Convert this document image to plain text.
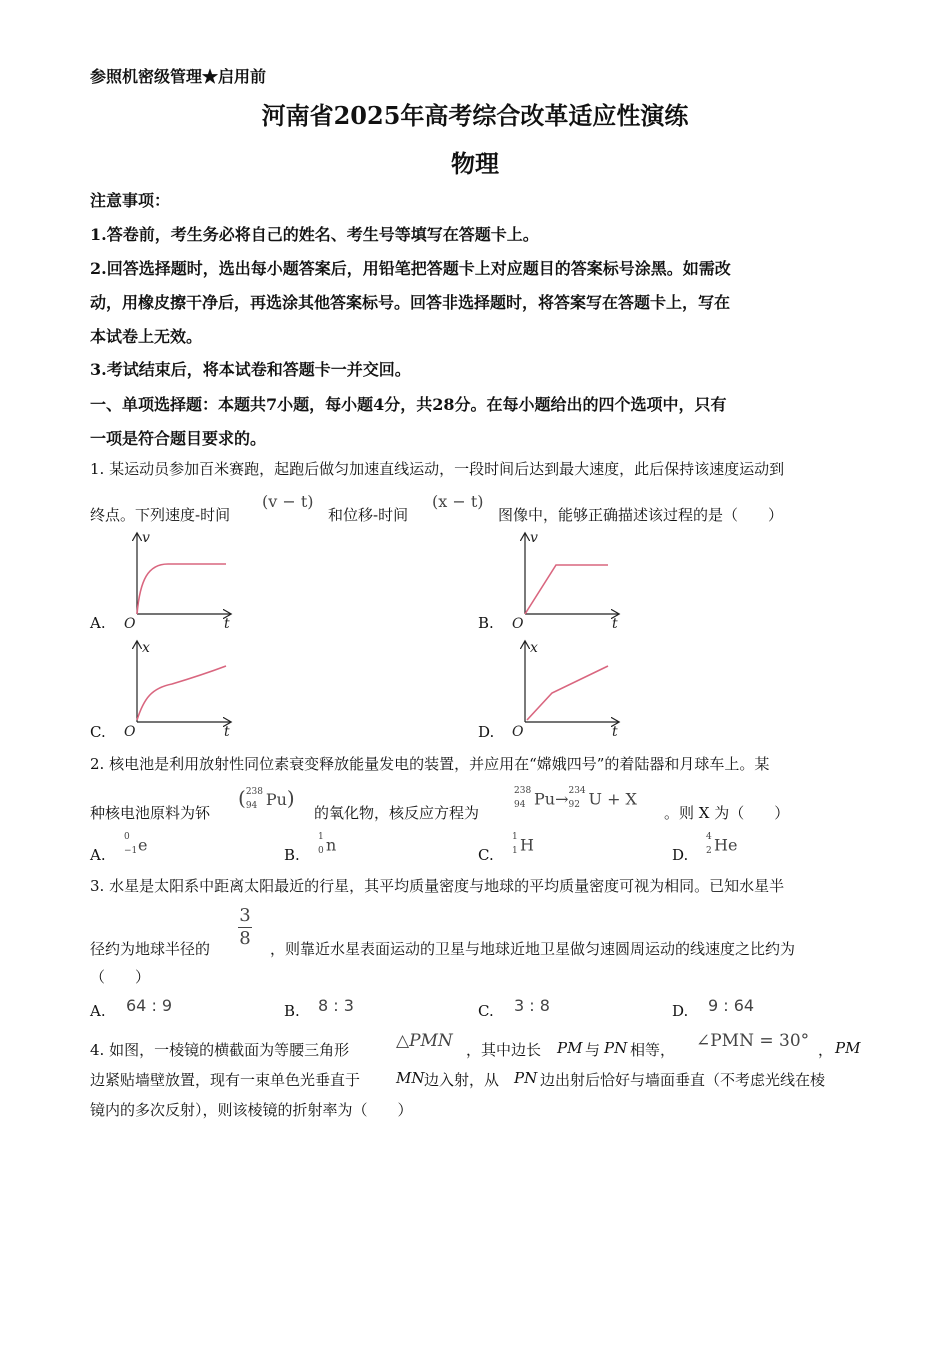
参照机密级管理★启用前
河南省2025年高考综合改革适应性演练
物理
注意事项：
1.答卷前，考生务必将自己的姓名、考生号等填写在答题卡上。
2.回答选择题时，选出每小题答案后，用铅笔把答题卡上对应题目的答案标号涂黑。如需改
动，用橡皮擦干净后，再选涂其他答案标号。回答非选择题时，将答案写在答题卡上，写在
本试卷上无效。
3.考试结束后，将本试卷和答题卡一并交回。
一、单项选择题：本题共7小题，每小题4分，共28分。在每小题给出的四个选项中，只有
一项是符合题目要求的。
1. 某运动员参加百米赛跑，起跑后做匀加速直线运动，一段时间后达到最大速度，此后保持该速度运动到
终点。下列速度-时间
(v − t)
和位移-时间
(x − t)
图像中，能够正确描述该过程的是（　　）
A.	B.
C.	D.
v
t
O
v
t
O
x
t
O
x
t
O
2. 核电池是利用放射性同位素衰变释放能量发电的装置，并应用在“嫦娥四号”的着陆器和月球车上。某
种核电池原料为钚
( 238
94 Pu)
的氧化物，核反应方程为
238
94 Pu→ 234
92 U + X
。则 X 为（　　）
A.
0
−1 e
B.
1
0 n
C.
1
1 H
D.
4
2 He
3. 水星是太阳系中距离太阳最近的行星，其平均质量密度与地球的平均质量密度可视为相同。已知水星半
径约为地球半径的
3
8 ，则靠近水星表面运动的卫星与地球近地卫星做匀速圆周运动的线速度之比约为
（　　）
A. 64 : 9	B. 8 : 3	C. 3 : 8	D. 9 : 64
4. 如图，一棱镜的横截面为等腰三角形	△PMN ，其中边长 PM 与 PN 相等， ∠PMN = 30° ， PM
边紧贴墙壁放置，现有一束单色光垂直于 MN 边入射，从 PN 边出射后恰好与墙面垂直（不考虑光线在棱
镜内的多次反射），则该棱镜的折射率为（　　）
